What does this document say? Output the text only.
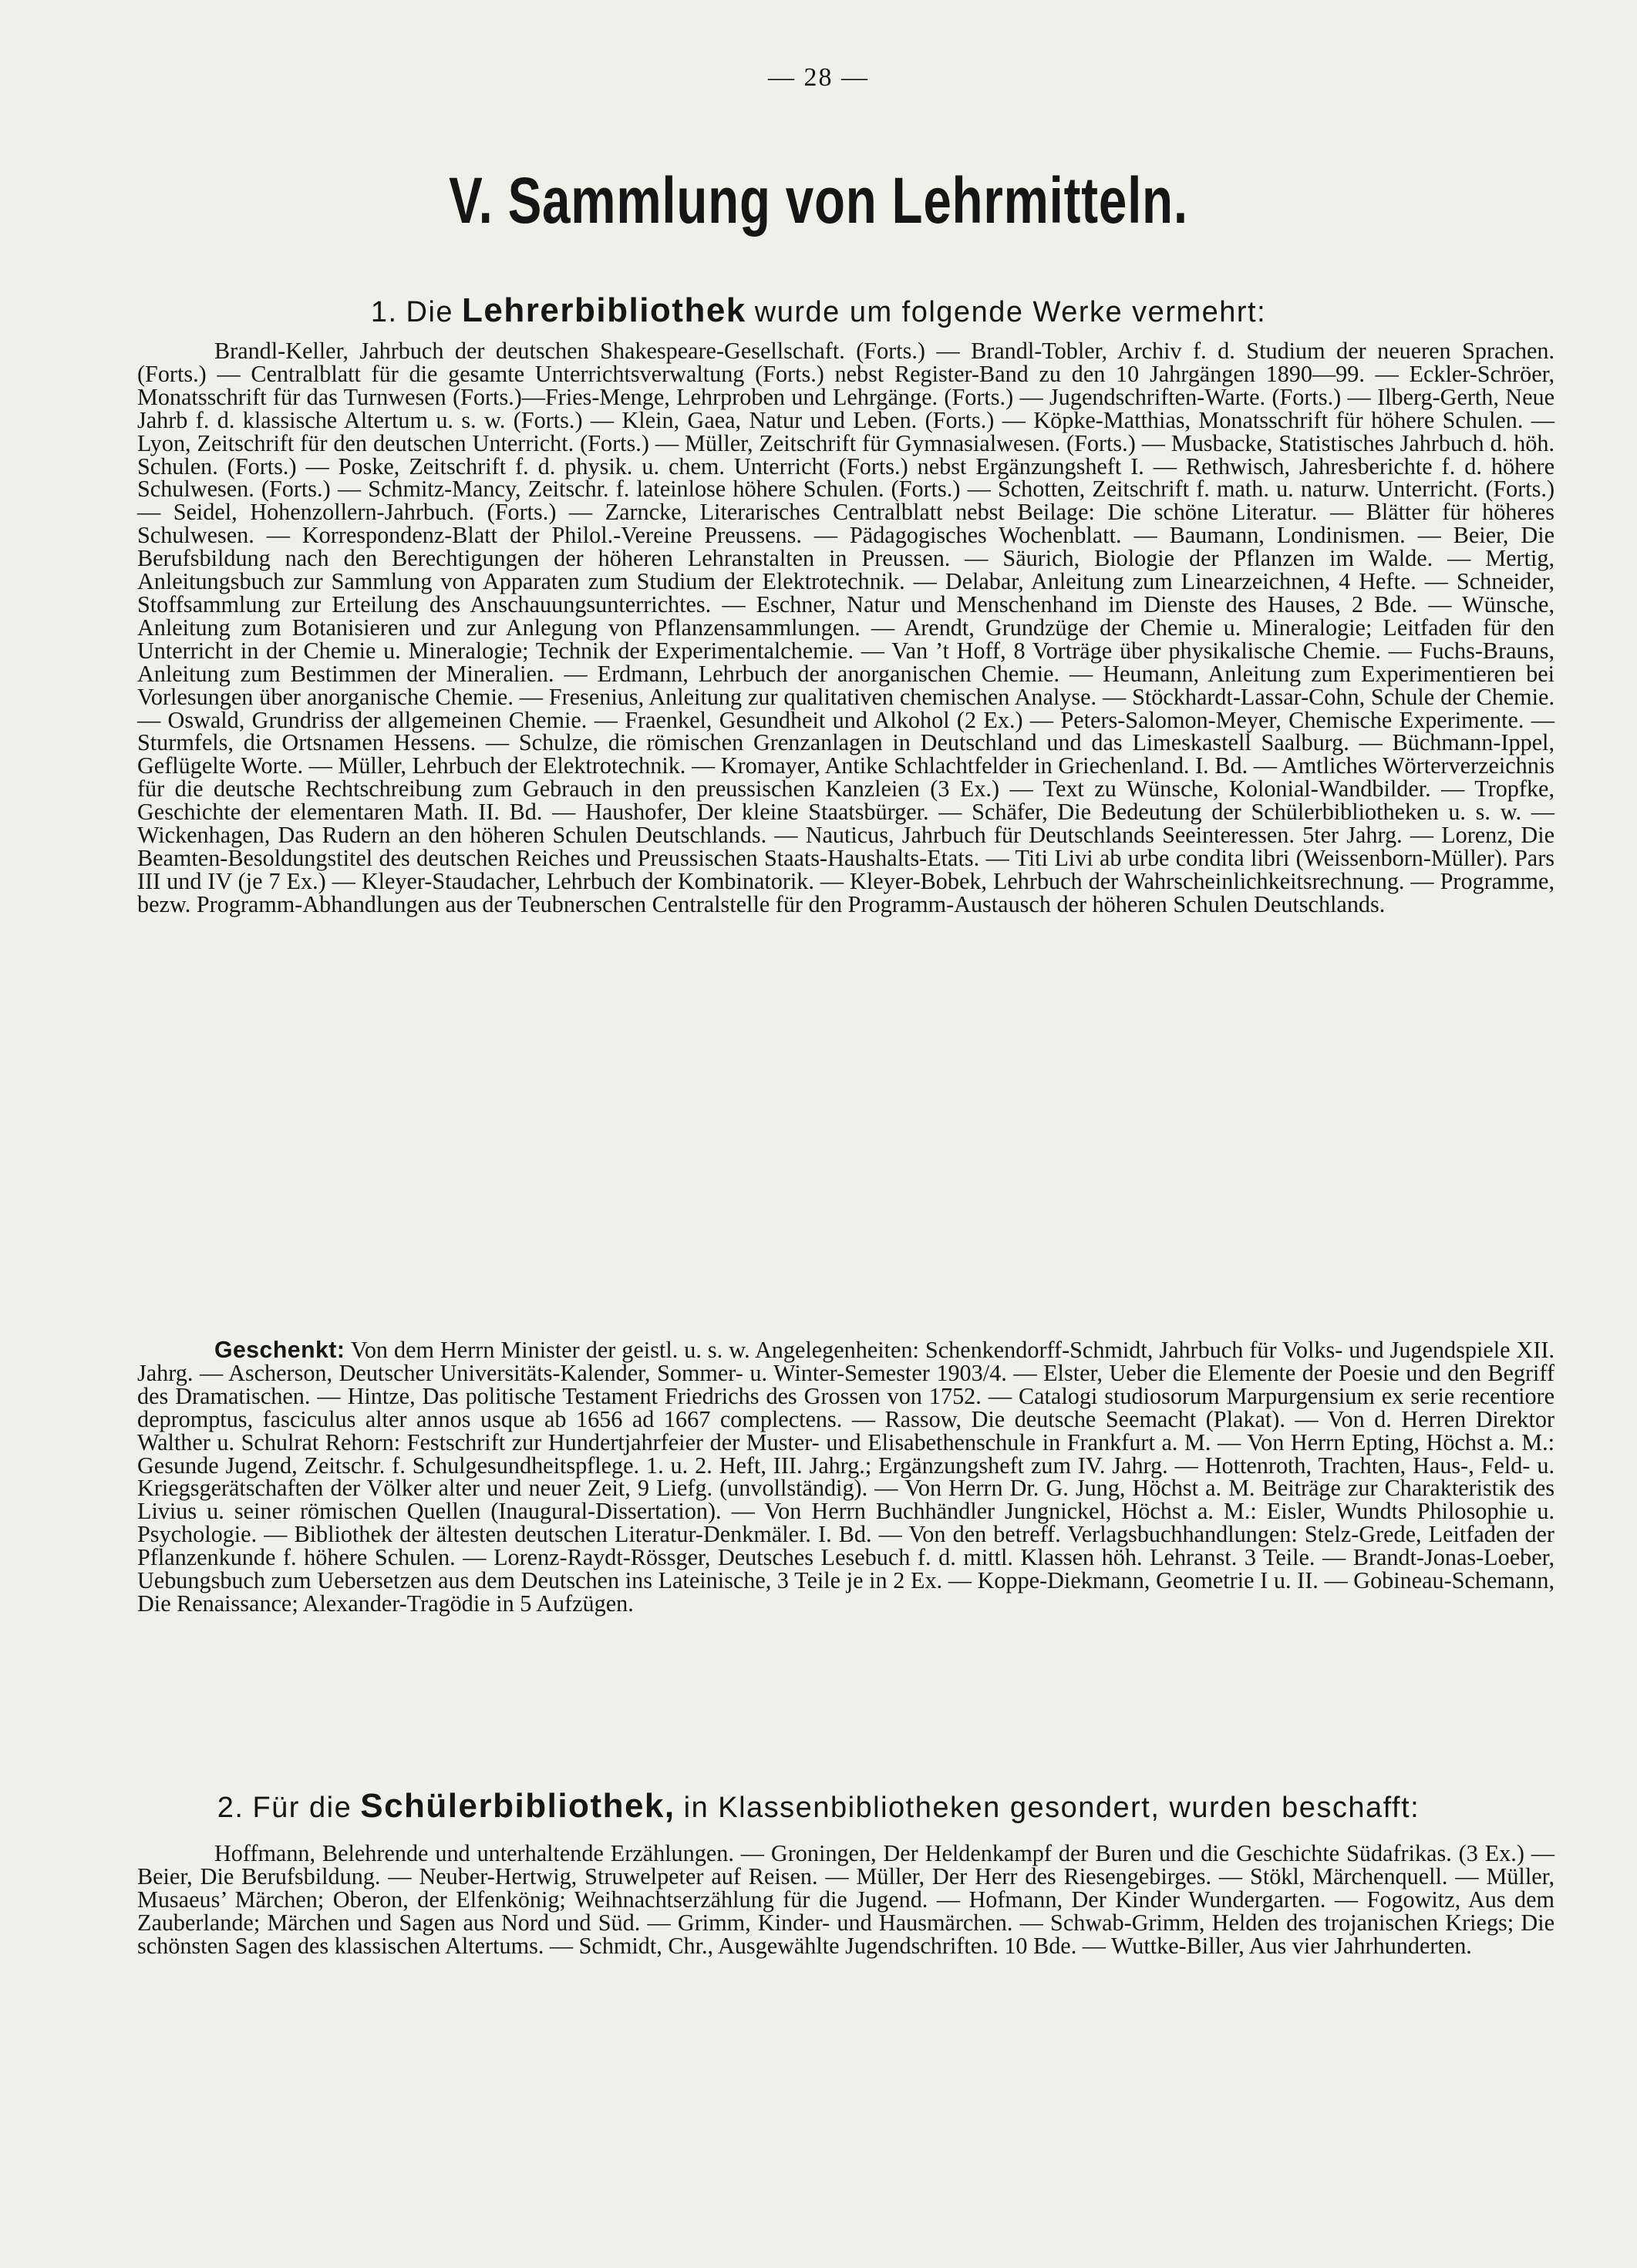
— 28 —
V. Sammlung von Lehrmitteln.
1. Die Lehrerbibliothek wurde um folgende Werke vermehrt:

Brandl-Keller, Jahrbuch der deutschen Shakespeare-Gesellschaft. (Forts.) — Brandl-Tobler, Archiv f. d. Studium der neueren Sprachen. (Forts.) — Centralblatt für die gesamte Unterrichtsverwaltung (Forts.) nebst Register-Band zu den 10 Jahrgängen 1890—99. — Eckler-Schröer, Monatsschrift für das Turnwesen (Forts.)—Fries-Menge, Lehrproben und Lehrgänge. (Forts.) — Jugendschriften-Warte. (Forts.) — Ilberg-Gerth, Neue Jahrb f. d. klassische Altertum u. s. w. (Forts.) — Klein, Gaea, Natur und Leben. (Forts.) — Köpke-Matthias, Monatsschrift für höhere Schulen. — Lyon, Zeitschrift für den deutschen Unterricht. (Forts.) — Müller, Zeitschrift für Gymnasialwesen. (Forts.) — Musbacke, Statistisches Jahrbuch d. höh. Schulen. (Forts.) — Poske, Zeitschrift f. d. physik. u. chem. Unterricht (Forts.) nebst Ergänzungsheft I. — Rethwisch, Jahresberichte f. d. höhere Schulwesen. (Forts.) — Schmitz-Mancy, Zeitschr. f. lateinlose höhere Schulen. (Forts.) — Schotten, Zeitschrift f. math. u. naturw. Unterricht. (Forts.) — Seidel, Hohenzollern-Jahrbuch. (Forts.) — Zarncke, Literarisches Centralblatt nebst Beilage: Die schöne Literatur. — Blätter für höheres Schulwesen. — Korrespondenz-Blatt der Philol.-Vereine Preussens. — Pädagogisches Wochenblatt. — Baumann, Londinismen. — Beier, Die Berufsbildung nach den Berechtigungen der höheren Lehranstalten in Preussen. — Säurich, Biologie der Pflanzen im Walde. — Mertig, Anleitungsbuch zur Sammlung von Apparaten zum Studium der Elektrotechnik. — Delabar, Anleitung zum Linearzeichnen, 4 Hefte. — Schneider, Stoffsammlung zur Erteilung des Anschauungsunterrichtes. — Eschner, Natur und Menschenhand im Dienste des Hauses, 2 Bde. — Wünsche, Anleitung zum Botanisieren und zur Anlegung von Pflanzensammlungen. — Arendt, Grundzüge der Chemie u. Mineralogie; Leitfaden für den Unterricht in der Chemie u. Mineralogie; Technik der Experimentalchemie. — Van ’t Hoff, 8 Vorträge über physikalische Chemie. — Fuchs-Brauns, Anleitung zum Bestimmen der Mineralien. — Erdmann, Lehrbuch der anorganischen Chemie. — Heumann, Anleitung zum Experimentieren bei Vorlesungen über anorganische Chemie. — Fresenius, Anleitung zur qualitativen chemischen Analyse. — Stöckhardt-Lassar-Cohn, Schule der Chemie. — Oswald, Grundriss der allgemeinen Chemie. — Fraenkel, Gesundheit und Alkohol (2 Ex.) — Peters-Salomon-Meyer, Chemische Experimente. — Sturmfels, die Ortsnamen Hessens. — Schulze, die römischen Grenzanlagen in Deutschland und das Limeskastell Saalburg. — Büchmann-Ippel, Geflügelte Worte. — Müller, Lehrbuch der Elektrotechnik. — Kromayer, Antike Schlachtfelder in Griechenland. I. Bd. — Amtliches Wörterverzeichnis für die deutsche Rechtschreibung zum Gebrauch in den preussischen Kanzleien (3 Ex.) — Text zu Wünsche, Kolonial-Wandbilder. — Tropfke, Geschichte der elementaren Math. II. Bd. — Haushofer, Der kleine Staatsbürger. — Schäfer, Die Bedeutung der Schülerbibliotheken u. s. w. — Wickenhagen, Das Rudern an den höheren Schulen Deutschlands. — Nauticus, Jahrbuch für Deutschlands Seeinteressen. 5ter Jahrg. — Lorenz, Die Beamten-Besoldungstitel des deutschen Reiches und Preussischen Staats-Haushalts-Etats. — Titi Livi ab urbe condita libri (Weissenborn-Müller). Pars III und IV (je 7 Ex.) — Kleyer-Staudacher, Lehrbuch der Kombinatorik. — Kleyer-Bobek, Lehrbuch der Wahrscheinlichkeitsrechnung. — Programme, bezw. Programm-Abhandlungen aus der Teubnerschen Centralstelle für den Programm-Austausch der höheren Schulen Deutschlands.

Geschenkt: Von dem Herrn Minister der geistl. u. s. w. Angelegenheiten: Schenkendorff-Schmidt, Jahrbuch für Volks- und Jugendspiele XII. Jahrg. — Ascherson, Deutscher Universitäts-Kalender, Sommer- u. Winter-Semester 1903/4. — Elster, Ueber die Elemente der Poesie und den Begriff des Dramatischen. — Hintze, Das politische Testament Friedrichs des Grossen von 1752. — Catalogi studiosorum Marpurgensium ex serie recentiore depromptus, fasciculus alter annos usque ab 1656 ad 1667 complectens. — Rassow, Die deutsche Seemacht (Plakat). — Von d. Herren Direktor Walther u. Schulrat Rehorn: Festschrift zur Hundertjahrfeier der Muster- und Elisabethenschule in Frankfurt a. M. — Von Herrn Epting, Höchst a. M.: Gesunde Jugend, Zeitschr. f. Schulgesundheitspflege. 1. u. 2. Heft, III. Jahrg.; Ergänzungsheft zum IV. Jahrg. — Hottenroth, Trachten, Haus-, Feld- u. Kriegsgerätschaften der Völker alter und neuer Zeit, 9 Liefg. (unvollständig). — Von Herrn Dr. G. Jung, Höchst a. M. Beiträge zur Charakteristik des Livius u. seiner römischen Quellen (Inaugural-Dissertation). — Von Herrn Buchhändler Jungnickel, Höchst a. M.: Eisler, Wundts Philosophie u. Psychologie. — Bibliothek der ältesten deutschen Literatur-Denkmäler. I. Bd. — Von den betreff. Verlagsbuchhandlungen: Stelz-Grede, Leitfaden der Pflanzenkunde f. höhere Schulen. — Lorenz-Raydt-Rössger, Deutsches Lesebuch f. d. mittl. Klassen höh. Lehranst. 3 Teile. — Brandt-Jonas-Loeber, Uebungsbuch zum Uebersetzen aus dem Deutschen ins Lateinische, 3 Teile je in 2 Ex. — Koppe-Diekmann, Geometrie I u. II. — Gobineau-Schemann, Die Renaissance; Alexander-Tragödie in 5 Aufzügen.

2. Für die Schülerbibliothek, in Klassenbibliotheken gesondert, wurden beschafft:

Hoffmann, Belehrende und unterhaltende Erzählungen. — Groningen, Der Heldenkampf der Buren und die Geschichte Südafrikas. (3 Ex.) — Beier, Die Berufsbildung. — Neuber-Hertwig, Struwelpeter auf Reisen. — Müller, Der Herr des Riesengebirges. — Stökl, Märchenquell. — Müller, Musaeus’ Märchen; Oberon, der Elfenkönig; Weihnachtserzählung für die Jugend. — Hofmann, Der Kinder Wundergarten. — Fogowitz, Aus dem Zauberlande; Märchen und Sagen aus Nord und Süd. — Grimm, Kinder- und Hausmärchen. — Schwab-Grimm, Helden des trojanischen Kriegs; Die schönsten Sagen des klassischen Altertums. — Schmidt, Chr., Ausgewählte Jugendschriften. 10 Bde. — Wuttke-Biller, Aus vier Jahrhunderten.
